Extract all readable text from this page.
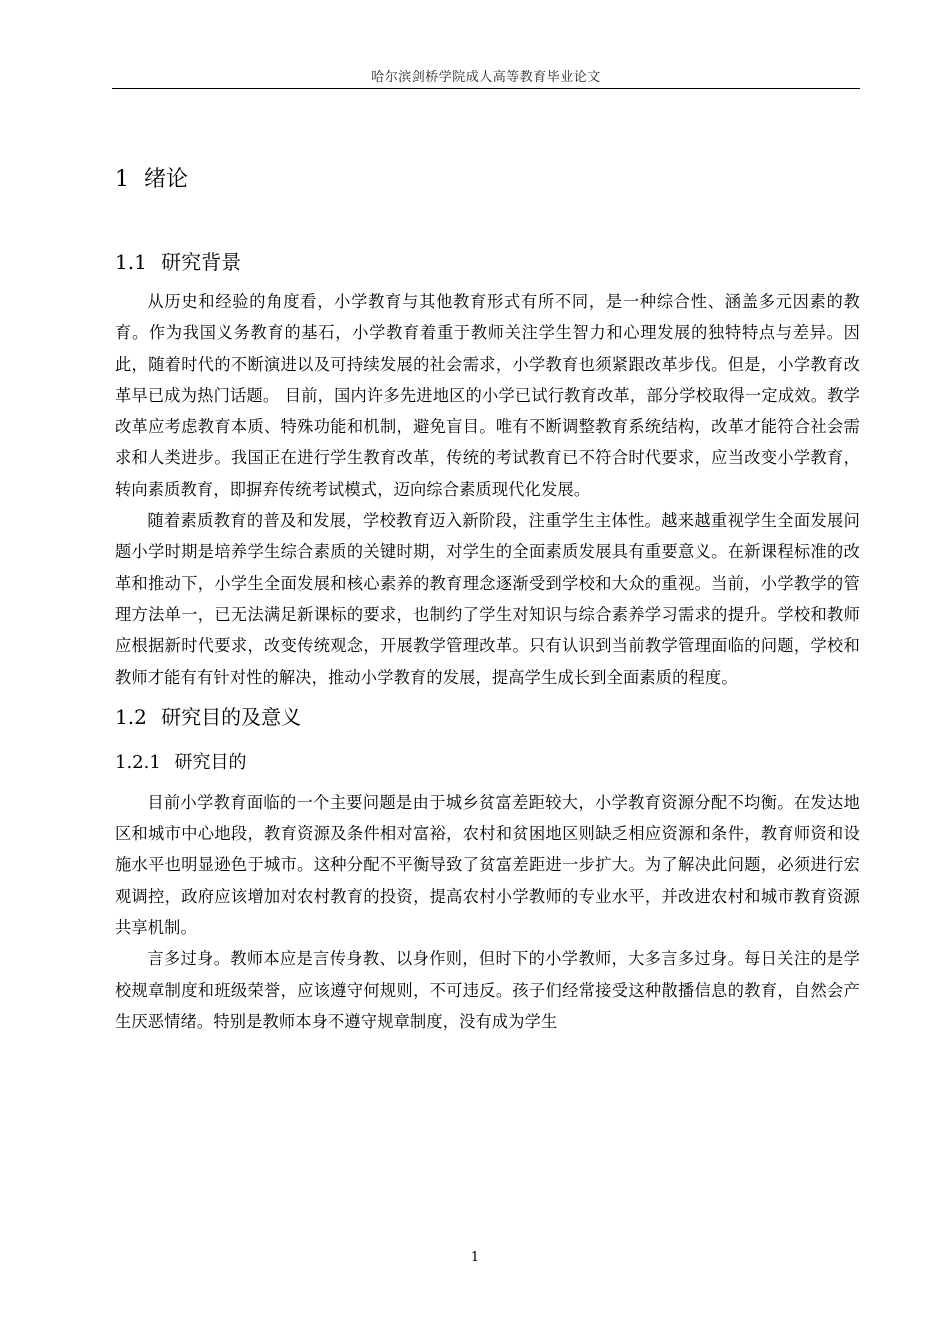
哈尔滨剑桥学院成人高等教育毕业论文
1 绪论
1.1 研究背景

从历史和经验的角度看，小学教育与其他教育形式有所不同，是一种综合性、涵盖多元因素的教育。作为我国义务教育的基石，小学教育着重于教师关注学生智力和心理发展的独特特点与差异。因此，随着时代的不断演进以及可持续发展的社会需求，小学教育也须紧跟改革步伐。但是，小学教育改革早已成为热门话题。 目前，国内许多先进地区的小学已试行教育改革，部分学校取得一定成效。教学改革应考虑教育本质、特殊功能和机制，避免盲目。唯有不断调整教育系统结构，改革才能符合社会需求和人类进步。我国正在进行学生教育改革，传统的考试教育已不符合时代要求，应当改变小学教育，转向素质教育，即摒弃传统考试模式，迈向综合素质现代化发展。

随着素质教育的普及和发展，学校教育迈入新阶段，注重学生主体性。越来越重视学生全面发展问题小学时期是培养学生综合素质的关键时期，对学生的全面素质发展具有重要意义。在新课程标准的改革和推动下，小学生全面发展和核心素养的教育理念逐渐受到学校和大众的重视。当前，小学教学的管理方法单一，已无法满足新课标的要求，也制约了学生对知识与综合素养学习需求的提升。学校和教师应根据新时代要求，改变传统观念，开展教学管理改革。只有认识到当前教学管理面临的问题，学校和教师才能有有针对性的解决，推动小学教育的发展，提高学生成长到全面素质的程度。

1.2 研究目的及意义
1.2.1 研究目的

目前小学教育面临的一个主要问题是由于城乡贫富差距较大，小学教育资源分配不均衡。在发达地区和城市中心地段，教育资源及条件相对富裕，农村和贫困地区则缺乏相应资源和条件，教育师资和设施水平也明显逊色于城市。这种分配不平衡导致了贫富差距进一步扩大。为了解决此问题，必须进行宏观调控，政府应该增加对农村教育的投资，提高农村小学教师的专业水平，并改进农村和城市教育资源共享机制。

言多过身。教师本应是言传身教、以身作则，但时下的小学教师，大多言多过身。每日关注的是学校规章制度和班级荣誉，应该遵守何规则，不可违反。孩子们经常接受这种散播信息的教育，自然会产生厌恶情绪。特别是教师本身不遵守规章制度，没有成为学生

1
